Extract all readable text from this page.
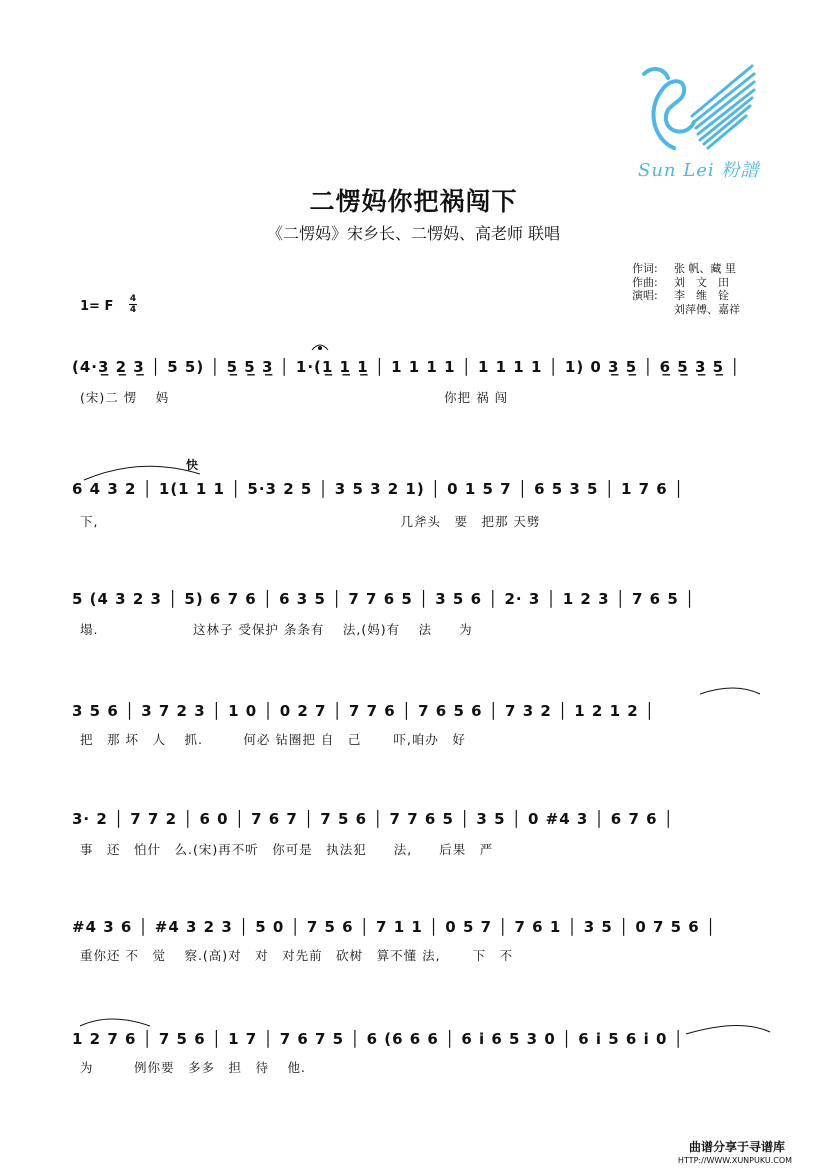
Sun Lei 粉譜
二愣妈你把祸闯下
《二愣妈》宋乡长、二愣妈、高老师 联唱
作词: 张 帆、藏 里
作曲: 刘　文　田
演唱: 李　维　铨
刘萍傅、嘉祥
1= F 4
4
快
(4·3̲ 2̲ 3̲ │ 5 5) │ 5̲ 5̲ 3̲ │ 1·(1̲ 1̲ 1̲ │ 1 1 1 1 │ 1 1 1 1 │ 1) 0 3̲ 5̲ │ 6̲ 5̲ 3̲ 5̲ │
(宋)二 愣　 妈　　　　　　　　　　　　　　　　　　　　 你把 祸 闯
6 4 3 2 │ 1(1 1 1 │ 5·3 2 5 │ 3 5 3 2 1) │ 0 1 5 7 │ 6 5 3 5 │ 1 7 6 │
下,　　　　　　　　　　　　　　　　　　　　　　 几斧头　要　把那 天劈
5 (4 3 2 3 │ 5) 6 7 6 │ 6 3 5 │ 7 7 6 5 │ 3 5 6 │ 2· 3 │ 1 2 3 │ 7 6 5 │
塌.　　　　　　　这林子 受保护 条条有　 法,(妈)有　 法　　为
3 5 6 │ 3 7 2 3 │ 1 0 │ 0 2 7 │ 7 7 6 │ 7 6 5 6 │ 7 3 2 │ 1 2 1 2 │
把　那 坏　人　 抓.　　　何必 钻圈把 自　己　　 吓,咱办　好
3· 2 │ 7 7 2 │ 6 0 │ 7 6 7 │ 7 5 6 │ 7 7 6 5 │ 3 5 │ 0 #4 3 │ 6 7 6 │
事　还　怕什　么.(宋)再不听　你可是　执法犯　　法,　　后果　严
#4 3 6 │ #4 3 2 3 │ 5 0 │ 7 5 6 │ 7 1 1 │ 0 5 7 │ 7 6 1 │ 3 5 │ 0 7 5 6 │
重你还 不　觉　 察.(高)对　对　对先前　砍树　算不懂 法,　　 下　不
1 2 7 6 │ 7 5 6 │ 1 7 │ 7 6 7 5 │ 6 (6 6 6 │ 6 i 6 5 3 0 │ 6 i 5 6 i 0 │
为　　　例你要　多多　担　待　 他.
曲谱分享于寻谱库
HTTP://WWW.XUNPUKU.COM
